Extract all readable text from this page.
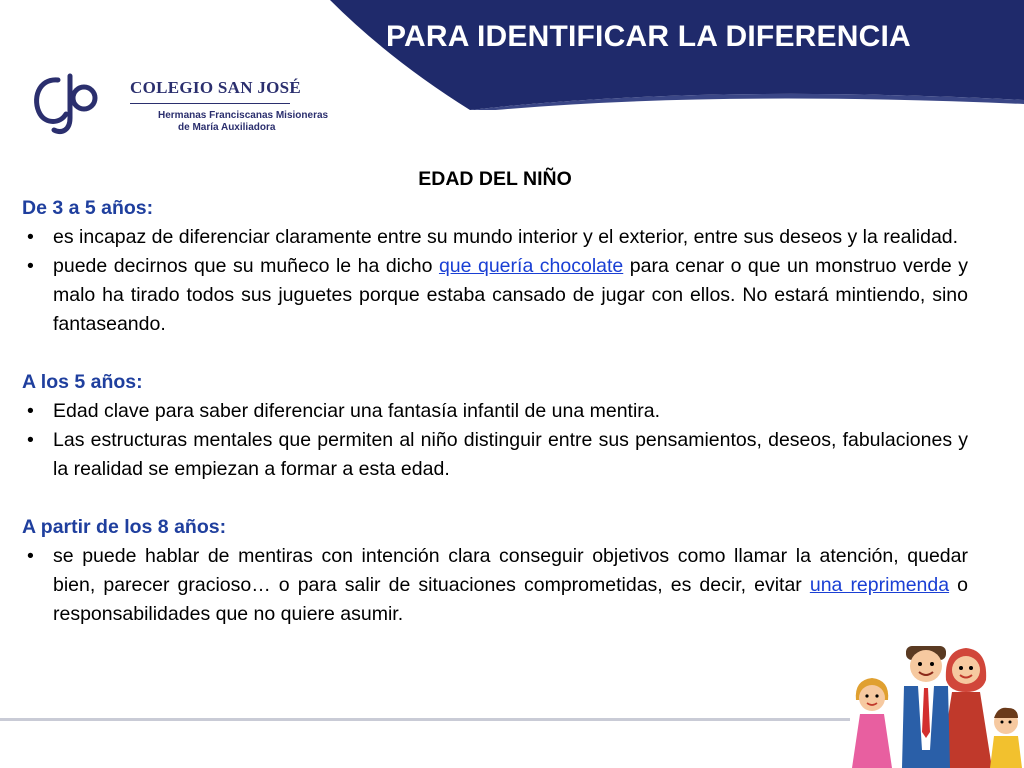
PARA IDENTIFICAR LA DIFERENCIA
COLEGIO SAN JOSÉ
Hermanas Franciscanas Misioneras
de María Auxiliadora

EDAD DEL NIÑO

De 3 a 5 años:

• es incapaz de diferenciar claramente entre su mundo interior y el exterior, entre sus deseos y la realidad.
• puede decirnos que su muñeco le ha dicho que quería chocolate para cenar o que un monstruo verde y malo ha tirado todos sus juguetes porque estaba cansado de jugar con ellos. No estará mintiendo, sino fantaseando.

A los 5 años:

• Edad clave para saber diferenciar una fantasía infantil de una mentira.
• Las estructuras mentales que permiten al niño distinguir entre sus pensamientos, deseos, fabulaciones y la realidad se empiezan a formar a esta edad.

A partir de los 8 años:

• se puede hablar de mentiras con intención clara conseguir objetivos como llamar la atención, quedar bien, parecer gracioso… o para salir de situaciones comprometidas, es decir, evitar una reprimenda o responsabilidades que no quiere asumir.
